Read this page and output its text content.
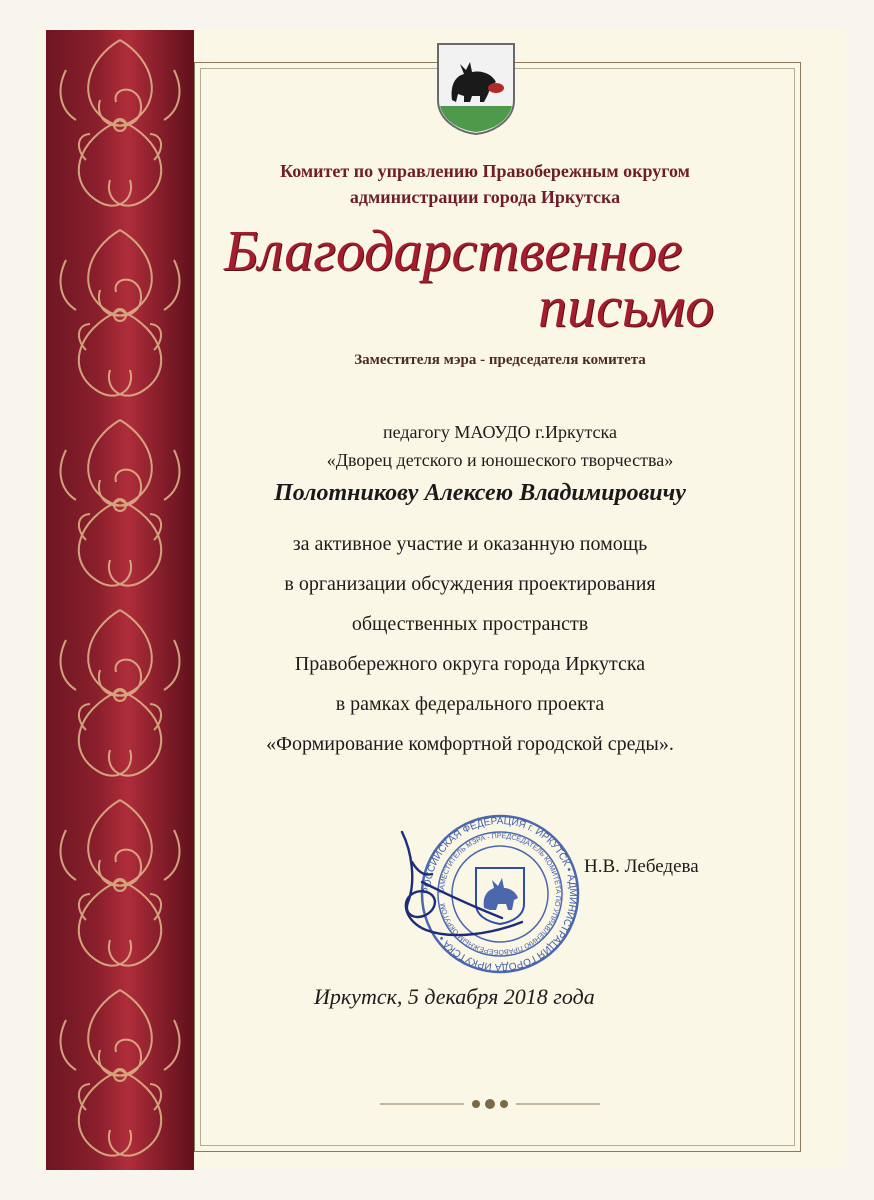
Комитет по управлению Правобережным округом
администрации города Иркутска
Благодарственное
письмо
Заместителя мэра - председателя комитета
педагогу МАОУДО г.Иркутска
«Дворец детского и юношеского творчества»
Полотникову Алексею Владимировичу
за активное участие и оказанную помощь
в организации обсуждения проектирования
общественных пространств
Правобережного округа города Иркутска
в рамках федерального проекта
«Формирование комфортной городской среды».
РОССИЙСКАЯ ФЕДЕРАЦИЯ г. ИРКУТСК • АДМИНИСТРАЦИЯ ГОРОДА ИРКУТСКА •
ЗАМЕСТИТЕЛЬ МЭРА - ПРЕДСЕДАТЕЛЬ КОМИТЕТА ПО УПРАВЛЕНИЮ ПРАВОБЕРЕЖНЫМ ОКРУГОМ
Н.В. Лебедева
Иркутск, 5 декабря 2018 года
